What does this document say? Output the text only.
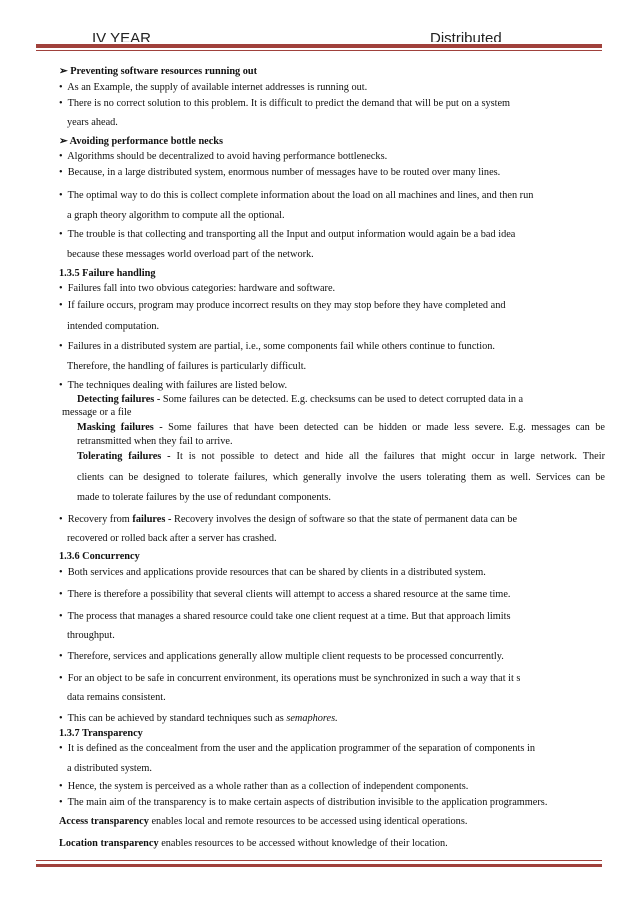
IV YEAR	Distributed
➢ Preventing software resources running out
• As an Example, the supply of available internet addresses is running out.
• There is no correct solution to this problem. It is difficult to predict the demand that will be put on a system
years ahead.
➢ Avoiding performance bottle necks
• Algorithms should be decentralized to avoid having performance bottlenecks.
• Because, in a large distributed system, enormous number of messages have to be routed over many lines.
• The optimal way to do this is collect complete information about the load on all machines and lines, and then run
a graph theory algorithm to compute all the optional.
• The trouble is that collecting and transporting all the Input and output information would again be a bad idea
because these messages world overload part of the network.
1.3.5 Failure handling
• Failures fall into two obvious categories: hardware and software.
• If failure occurs, program may produce incorrect results on they may stop before they have completed and
intended computation.
• Failures in a distributed system are partial, i.e., some components fail while others continue to function.
Therefore, the handling of failures is particularly difficult.
• The techniques dealing with failures are listed below.
Detecting failures - Some failures can be detected. E.g. checksums can be used to detect corrupted data in a
message or a file
Masking failures - Some failures that have been detected can be hidden or made less severe. E.g. messages can be
retransmitted when they fail to arrive.
Tolerating failures - It is not possible to detect and hide all the failures that might occur in large network. Their
clients can be designed to tolerate failures, which generally involve the users tolerating them as well. Services can be
made to tolerate failures by the use of redundant components.
• Recovery from failures - Recovery involves the design of software so that the state of permanent data can be
recovered or rolled back after a server has crashed.
1.3.6 Concurrency
• Both services and applications provide resources that can be shared by clients in a distributed system.
• There is therefore a possibility that several clients will attempt to access a shared resource at the same time.
• The process that manages a shared resource could take one client request at a time. But that approach limits
throughput.
• Therefore, services and applications generally allow multiple client requests to be processed concurrently.
• For an object to be safe in concurrent environment, its operations must be synchronized in such a way that it s
data remains consistent.
• This can be achieved by standard techniques such as semaphores.
1.3.7 Transparency
• It is defined as the concealment from the user and the application programmer of the separation of components in
a distributed system.
• Hence, the system is perceived as a whole rather than as a collection of independent components.
• The main aim of the transparency is to make certain aspects of distribution invisible to the application programmers.
Access transparency enables local and remote resources to be accessed using identical operations.
Location transparency enables resources to be accessed without knowledge of their location.
